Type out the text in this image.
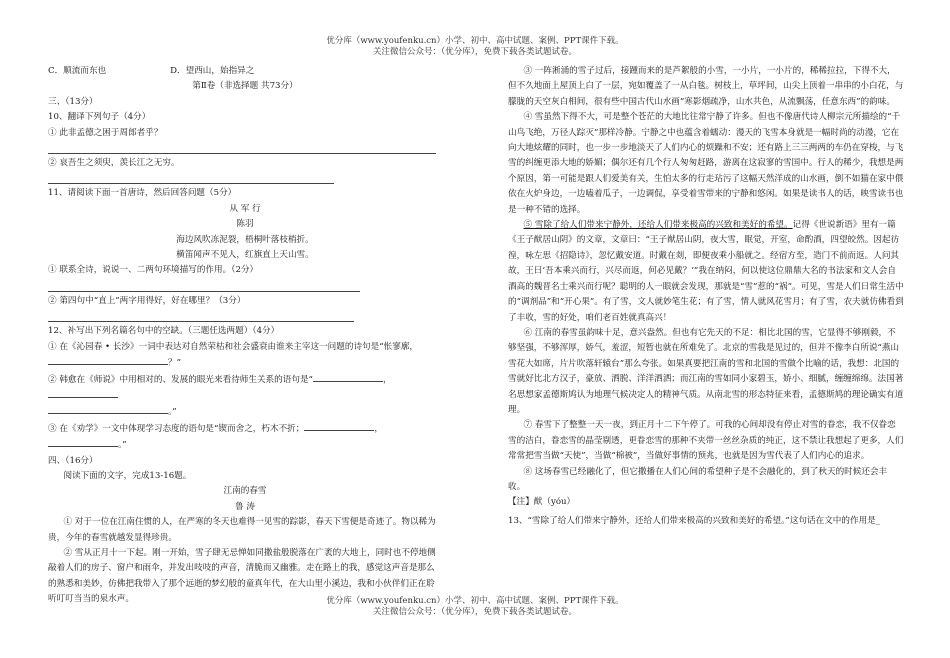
优分库（www.youfenku.cn）小学、初中、高中试题、案例、PPT课件下载。
关注微信公众号：（优分库），免费下载各类试题试卷。

C．顺流而东也	D．望西山，始指异之

第Ⅱ卷（非选择题 共73分）

三、（13分）

10、翻译下列句子（4分）

① 此非孟德之困于周郎者乎？

② 哀吾生之须臾，羡长江之无穷。

11、请阅读下面一首唐诗，然后回答问题（5分）

从 军 行

陈羽

海边风吹冻泥裂，梧桐叶落枝梢折。

横笛闻声不见人，红旗直上天山雪。

① 联系全诗，说说一、二两句环境描写的作用。（2分）

② 第四句中“直上”两字用得好，好在哪里？（3分）

12、补写出下列名篇名句中的空缺。（三题任选两题）（4分）

① 在《沁园春 • 长沙》一词中表达对自然荣枯和社会盛衰由谁来主宰这一问题的诗句是“怅寥廓，？”

② 韩愈在《师说》中用相对的、发展的眼光来看待师生关系的语句是“	，
。”

③ 在《劝学》一文中体现学习态度的语句是“锲而舍之，朽木不折；	，。”

四、（16分）

阅读下面的文字，完成13-16题。

江南的春雪

鲁 涛

① 对于一位在江南住惯的人，在严寒的冬天也难得一见雪的踪影，春天下雪便是奇迹了。物以稀为贵，今年的春雪就越发显得珍贵。

② 雪从正月十一下起。刚一开始，雪子肆无忌惮如同撒盐般脱落在广袤的大地上，同时也不停地侧敲着人们的房子、窗户和雨伞，并发出吱吱的声音，清脆而又幽雅。走在路上的我，感觉这声音是那么的熟悉和美妙，仿佛把我带入了那个远逝的梦幻般的童真年代，在大山里小溪边，我和小伙伴们正在聆听叮叮当当的泉水声。

③ 一阵淅涌的雪子过后，接踵而来的是芦絮般的小雪，一小片，一小片的，稀稀拉拉，下得不大，但不久地面上屋顶上白了一层，宛如覆盖了一从白毯。树枝上，草坪间，山尖上顶着一串串的小白花，与朦胧的天空灰白相间，很有些中国古代山水画“寒影烟疏净，山水共色，从流飘荡，任意东西”的韵味。

④ 雪虽然下得不大，可是整个苍茫的大地比往常宁静了许多。但也不像唐代诗人柳宗元所描绘的“千山鸟飞绝，万径人踪灭”那样冷静。宁静之中也蕴含着蠕动：漫天的飞雪本身就是一幅时尚的动漫，它在向大地炫耀的同时，也一步一步地淡天了人们内心的烦躁和不安；还有路上三三两两的车仍在穿梭，与飞雪的纠缠更添大地的娇媚；偶尔还有几个行人匆匆赶路，游离在这寂寥的雪国中。行人的稀少，我想是两个原因，第一可能是跟人们爱美有关，生怕太多的行走玷污了这幅天然洋成的山水画，倒不如猫在家中偎依在火炉身边，一边嗑着瓜子，一边调侃，享受着雪带来的宁静和悠闲。如果是读书人的话，映雪读书也是一种不错的选择。

⑤ 雪除了给人们带来宁静外，还给人们带来极高的兴致和美好的希望。记得《世说新语》里有一篇《王子猷居山阴》的文章，文章曰：“王子猷居山阴，夜大雪，眠觉，开室，命酌酒，四望皎然。因起彷徨，咏左思《招隐诗》，忽忆戴安道。时戴在剡，即便夜乘小船就之。经宿方至，造门不前而返。人问其故，王曰‘吾本乘兴而行，兴尽而返，何必见戴？’”我在纳闷，何以使这位鼎鼎大名的书法家和文人会自酒高的魏晋名士乘兴而行呢？聪明的人一眼就会发现，那就是“雪”惹的“祸”。可见，雪是人们日常生活中的“调剂品”和“开心果”。有了雪，文人就妙笔生花；有了雪，情人就风花雪月；有了雪，农夫就仿佛看到了丰收，雪的好处，咱们老百姓就真高兴！

⑥ 江南的春雪虽韵味十足，意兴盎然。但也有它先天的不足：相比北国的雪，它显得不够刚毅，不够坚强，不够浑厚，娇气，羞涩，短暂也就在所难免了。北京的雪我是见过的，但并不像李白所说“燕山雪花大如席，片片吹落轩辕台”那么夸张。如果真要把江南的雪和北国的雪做个比喻的话，我想：北国的雪就好比北方汉子，豪放、洒脱、洋洋洒洒；而江南的雪如同小家碧玉，娇小、细腻，缠缠绵绵。法国著名思想家孟德斯鸠认为地理气候决定人的精神气质。从南北雪的形态特征来看，孟德斯鸠的理论确实有道理。

⑦ 春雪下了整整一天一夜，到正月十二下午停了。可我的心间却没有停止对雪的眷恋，我不仅眷恋雪的洁白，眷恋雪的晶莹剔透，更眷恋雪的那种不夹带一丝丝杂质的纯正，这不禁让我想起了更多，人们常常把雪当做“天使”，当做“棉被”，当做好事情的预兆，也就是因为雪代表了人们内心的追求。

⑧ 这场春雪已经融化了，但它撒播在人们心间的希望种子是不会融化的，到了秋天的时候还会丰收。

【注】猷（yóu）

13、“雪除了给人们带来宁静外，还给人们带来极高的兴致和美好的希望。”这句话在文中的作用是_

优分库（www.youfenku.cn）小学、初中、高中试题、案例、PPT课件下载。
关注微信公众号：（优分库），免费下载各类试题试卷。
